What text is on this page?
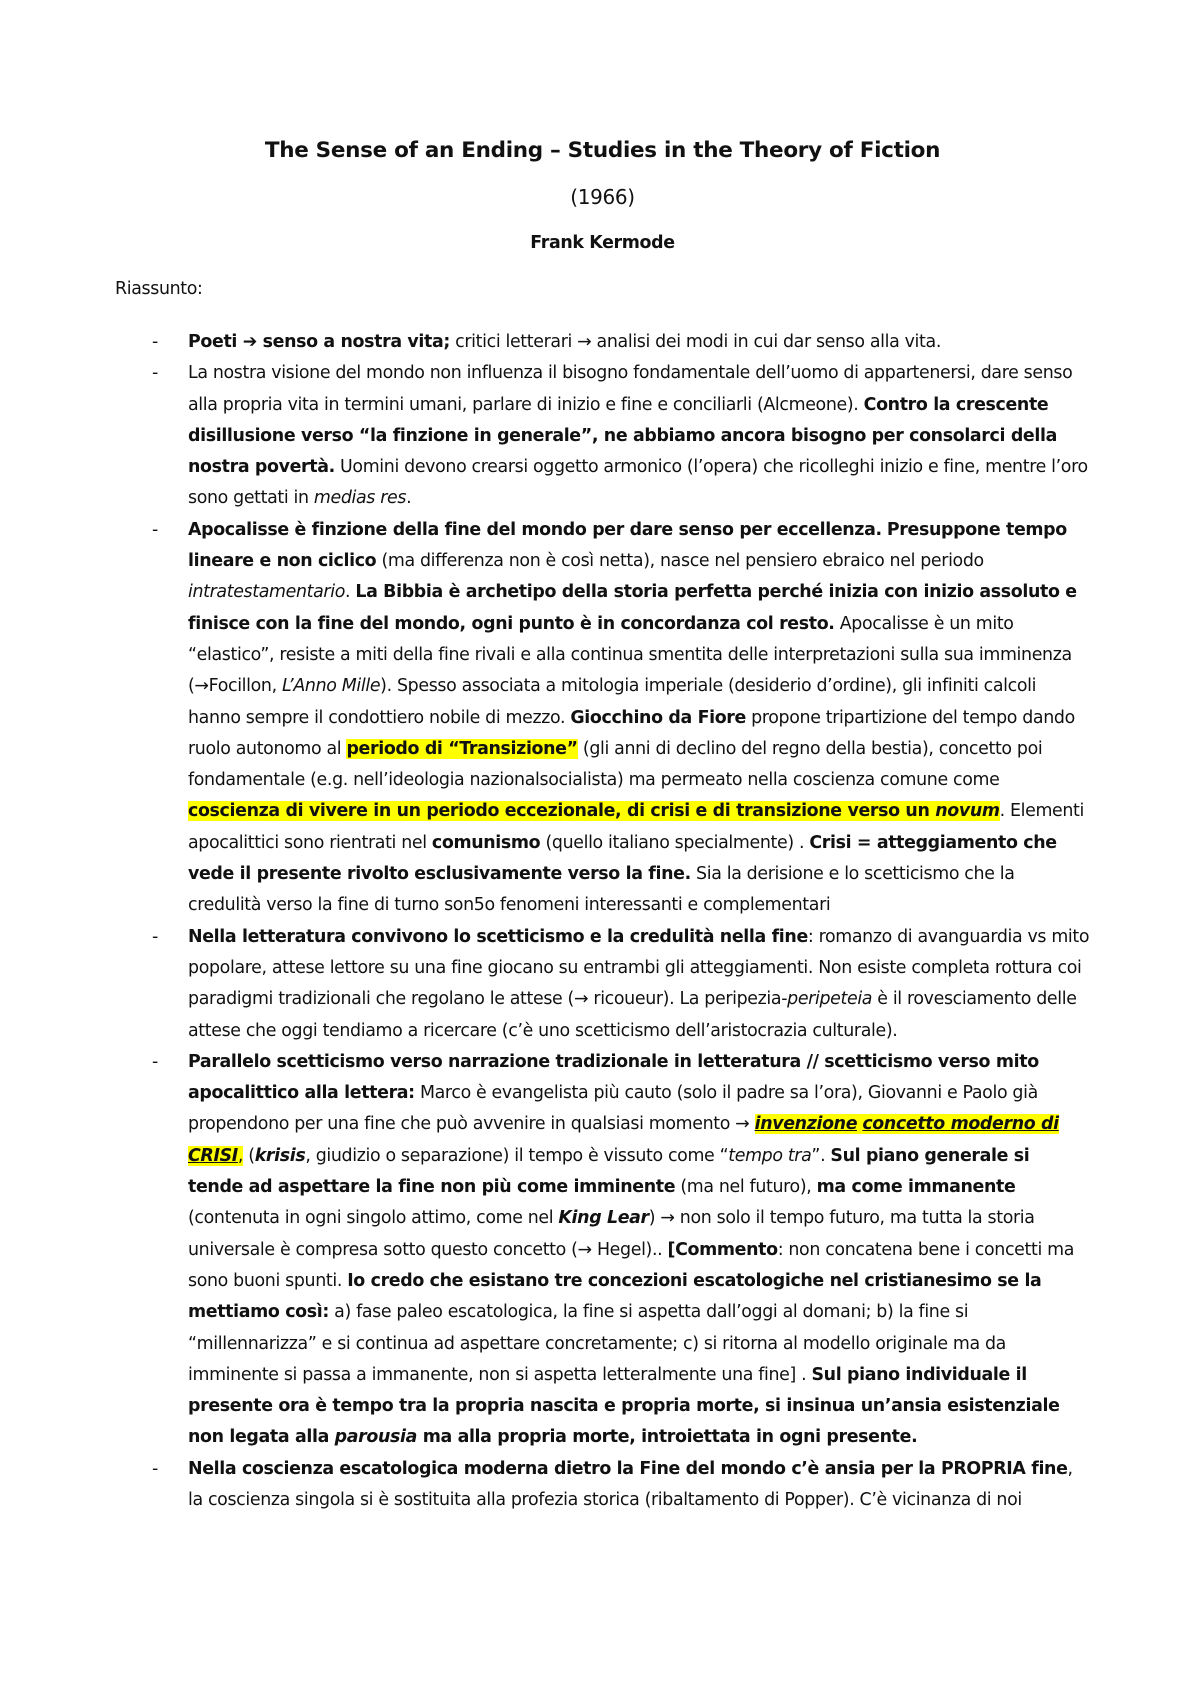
The Sense of an Ending – Studies in the Theory of Fiction
(1966)
Frank Kermode
Riassunto:
- Poeti ➔ senso a nostra vita; critici letterari → analisi dei modi in cui dar senso alla vita.
- La nostra visione del mondo non influenza il bisogno fondamentale dell’uomo di appartenersi, dare senso alla propria vita in termini umani, parlare di inizio e fine e conciliarli (Alcmeone). Contro la crescente disillusione verso “la finzione in generale”, ne abbiamo ancora bisogno per consolarci della nostra povertà. Uomini devono crearsi oggetto armonico (l’opera) che ricolleghi inizio e fine, mentre l’oro sono gettati in medias res.
- Apocalisse è finzione della fine del mondo per dare senso per eccellenza. Presuppone tempo lineare e non ciclico (ma differenza non è così netta), nasce nel pensiero ebraico nel periodo intratestamentario. La Bibbia è archetipo della storia perfetta perché inizia con inizio assoluto e finisce con la fine del mondo, ogni punto è in concordanza col resto. Apocalisse è un mito “elastico”, resiste a miti della fine rivali e alla continua smentita delle interpretazioni sulla sua imminenza (→Focillon, L’Anno Mille). Spesso associata a mitologia imperiale (desiderio d’ordine), gli infiniti calcoli hanno sempre il condottiero nobile di mezzo. Giocchino da Fiore propone tripartizione del tempo dando ruolo autonomo al periodo di “Transizione” (gli anni di declino del regno della bestia), concetto poi fondamentale (e.g. nell’ideologia nazionalsocialista) ma permeato nella coscienza comune come coscienza di vivere in un periodo eccezionale, di crisi e di transizione verso un novum. Elementi apocalittici sono rientrati nel comunismo (quello italiano specialmente) . Crisi = atteggiamento che vede il presente rivolto esclusivamente verso la fine. Sia la derisione e lo scetticismo che la credulità verso la fine di turno son5o fenomeni interessanti e complementari
- Nella letteratura convivono lo scetticismo e la credulità nella fine: romanzo di avanguardia vs mito popolare, attese lettore su una fine giocano su entrambi gli atteggiamenti. Non esiste completa rottura coi paradigmi tradizionali che regolano le attese (→ ricoueur). La peripezia-peripeteia è il rovesciamento delle attese che oggi tendiamo a ricercare (c’è uno scetticismo dell’aristocrazia culturale).
- Parallelo scetticismo verso narrazione tradizionale in letteratura // scetticismo verso mito apocalittico alla lettera: Marco è evangelista più cauto (solo il padre sa l’ora), Giovanni e Paolo già propendono per una fine che può avvenire in qualsiasi momento → invenzione concetto moderno di CRISI, (krisis, giudizio o separazione) il tempo è vissuto come “tempo tra”. Sul piano generale si tende ad aspettare la fine non più come imminente (ma nel futuro), ma come immanente (contenuta in ogni singolo attimo, come nel King Lear) → non solo il tempo futuro, ma tutta la storia universale è compresa sotto questo concetto (→ Hegel).. [Commento: non concatena bene i concetti ma sono buoni spunti. Io credo che esistano tre concezioni escatologiche nel cristianesimo se la mettiamo così: a) fase paleo escatologica, la fine si aspetta dall’oggi al domani; b) la fine si “millennarizza” e si continua ad aspettare concretamente; c) si ritorna al modello originale ma da imminente si passa a immanente, non si aspetta letteralmente una fine] . Sul piano individuale il presente ora è tempo tra la propria nascita e propria morte, si insinua un’ansia esistenziale non legata alla parousia ma alla propria morte, introiettata in ogni presente.
- Nella coscienza escatologica moderna dietro la Fine del mondo c’è ansia per la PROPRIA fine, la coscienza singola si è sostituita alla profezia storica (ribaltamento di Popper). C’è vicinanza di noi
